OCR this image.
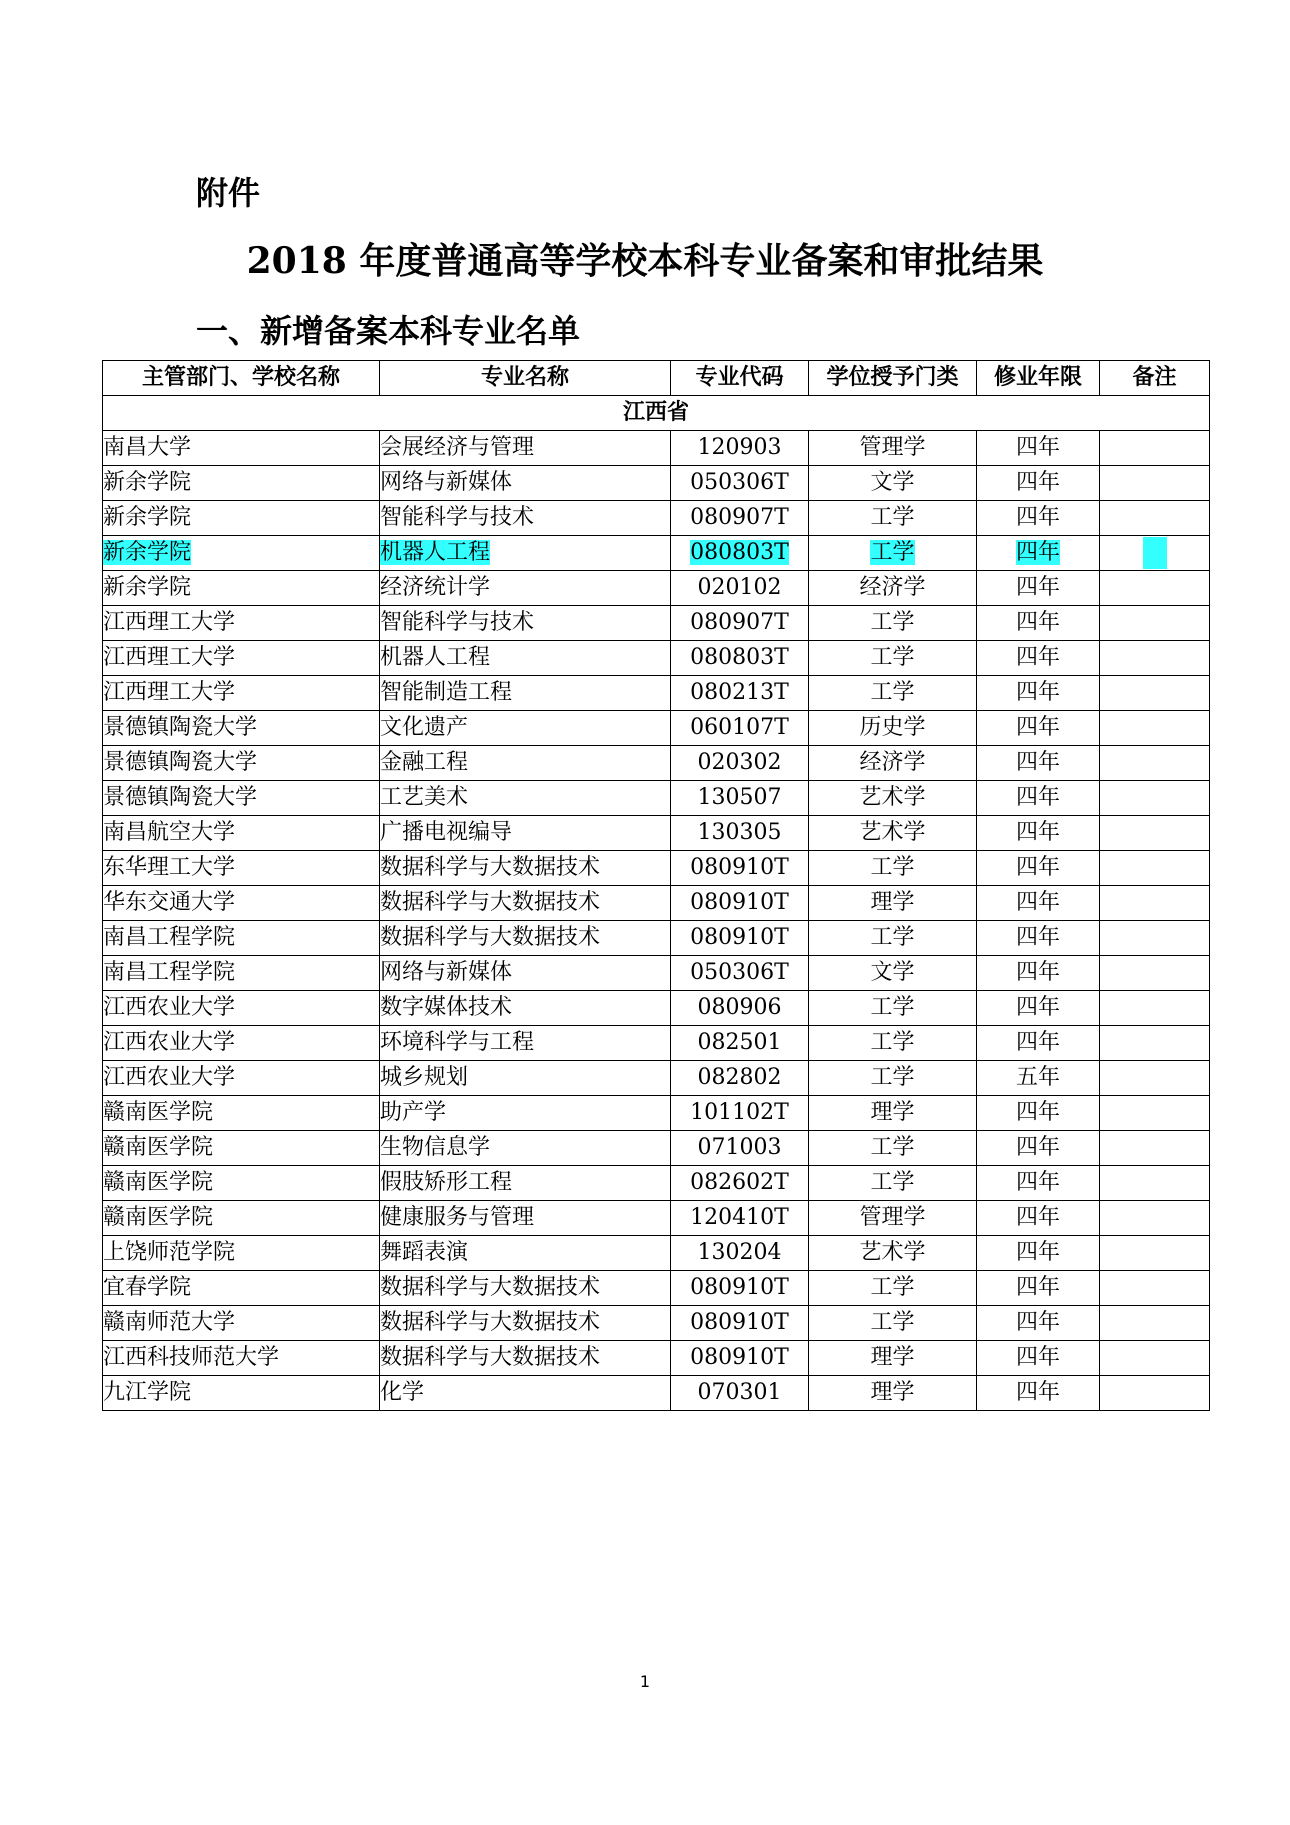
附件
2018 年度普通高等学校本科专业备案和审批结果
一、新增备案本科专业名单
主管部门、学校名称	专业名称	专业代码	学位授予门类	修业年限	备注
江西省					
南昌大学	会展经济与管理	120903	管理学	四年	
新余学院	网络与新媒体	050306T	文学	四年	
新余学院	智能科学与技术	080907T	工学	四年	
新余学院	机器人工程	080803T	工学	四年	
新余学院	经济统计学	020102	经济学	四年	
江西理工大学	智能科学与技术	080907T	工学	四年	
江西理工大学	机器人工程	080803T	工学	四年	
江西理工大学	智能制造工程	080213T	工学	四年	
景德镇陶瓷大学	文化遗产	060107T	历史学	四年	
景德镇陶瓷大学	金融工程	020302	经济学	四年	
景德镇陶瓷大学	工艺美术	130507	艺术学	四年	
南昌航空大学	广播电视编导	130305	艺术学	四年	
东华理工大学	数据科学与大数据技术	080910T	工学	四年	
华东交通大学	数据科学与大数据技术	080910T	理学	四年	
南昌工程学院	数据科学与大数据技术	080910T	工学	四年	
南昌工程学院	网络与新媒体	050306T	文学	四年	
江西农业大学	数字媒体技术	080906	工学	四年	
江西农业大学	环境科学与工程	082501	工学	四年	
江西农业大学	城乡规划	082802	工学	五年	
赣南医学院	助产学	101102T	理学	四年	
赣南医学院	生物信息学	071003	工学	四年	
赣南医学院	假肢矫形工程	082602T	工学	四年	
赣南医学院	健康服务与管理	120410T	管理学	四年	
上饶师范学院	舞蹈表演	130204	艺术学	四年	
宜春学院	数据科学与大数据技术	080910T	工学	四年	
赣南师范大学	数据科学与大数据技术	080910T	工学	四年	
江西科技师范大学	数据科学与大数据技术	080910T	理学	四年	
九江学院	化学	070301	理学	四年	
1
